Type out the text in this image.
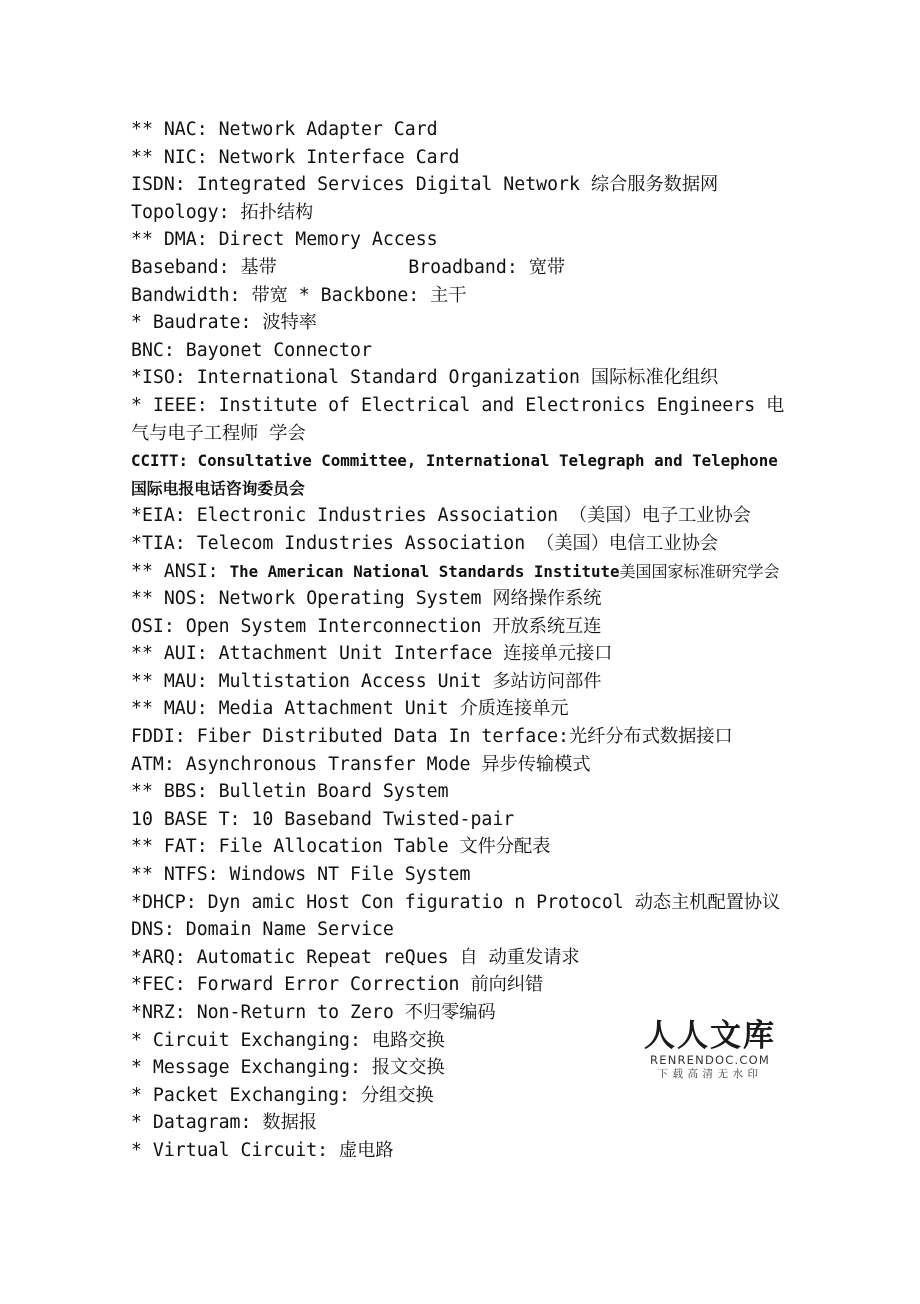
** NAC: Network Adapter Card
** NIC: Network Interface Card
ISDN: Integrated Services Digital Network 综合服务数据网
Topology: 拓扑结构
** DMA: Direct Memory Access
Baseband: 基带            Broadband: 宽带
Bandwidth: 带宽 * Backbone: 主干
* Baudrate: 波特率
BNC: Bayonet Connector
*ISO: International Standard Organization 国际标准化组织
* IEEE: Institute of Electrical and Electronics Engineers 电气与电子工程师 学会
CCITT: Consultative Committee, International Telegraph and Telephone 国际电报电话咨询委员会
*EIA: Electronic Industries Association （美国）电子工业协会
*TIA: Telecom Industries Association （美国）电信工业协会
** ANSI: The American National Standards Institute美国国家标准研究学会
** NOS: Network Operating System 网络操作系统
OSI: Open System Interconnection 开放系统互连
** AUI: Attachment Unit Interface 连接单元接口
** MAU: Multistation Access Unit 多站访问部件
** MAU: Media Attachment Unit 介质连接单元
FDDI: Fiber Distributed Data In terface:光纤分布式数据接口
ATM: Asynchronous Transfer Mode 异步传输模式
** BBS: Bulletin Board System
10 BASE T: 10 Baseband Twisted-pair
** FAT: File Allocation Table 文件分配表
** NTFS: Windows NT File System
*DHCP: Dyn amic Host Con figuratio n Protocol 动态主机配置协议
DNS: Domain Name Service
*ARQ: Automatic Repeat reQues 自 动重发请求
*FEC: Forward Error Correction 前向纠错
*NRZ: Non-Return to Zero 不归零编码
* Circuit Exchanging: 电路交换
* Message Exchanging: 报文交换
* Packet Exchanging: 分组交换
* Datagram: 数据报
* Virtual Circuit: 虚电路
人人文库
RENRENDOC.COM
下载高清无水印
